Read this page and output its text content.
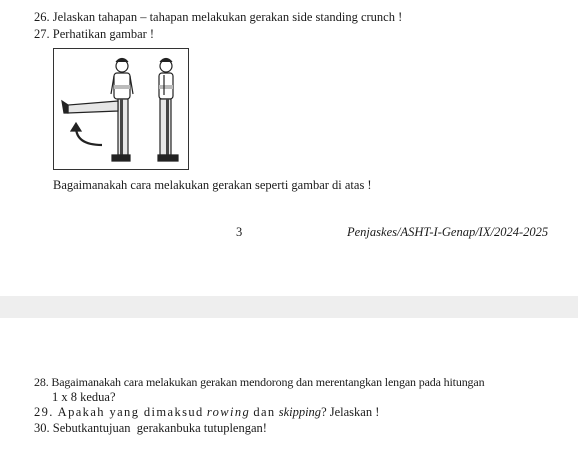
26. Jelaskan tahapan – tahapan melakukan gerakan side standing crunch !
27. Perhatikan gambar !
Bagaimanakah cara melakukan gerakan seperti gambar di atas !
3	Penjaskes/ASHT-I-Genap/IX/2024-2025
28. Bagaimanakah cara melakukan gerakan mendorong dan merentangkan lengan pada hitungan
1 x 8 kedua?
29. Apakah yang dimaksud rowing dan skipping? Jelaskan !
30. Sebutkantujuan  gerakanbuka tutuplengan!
